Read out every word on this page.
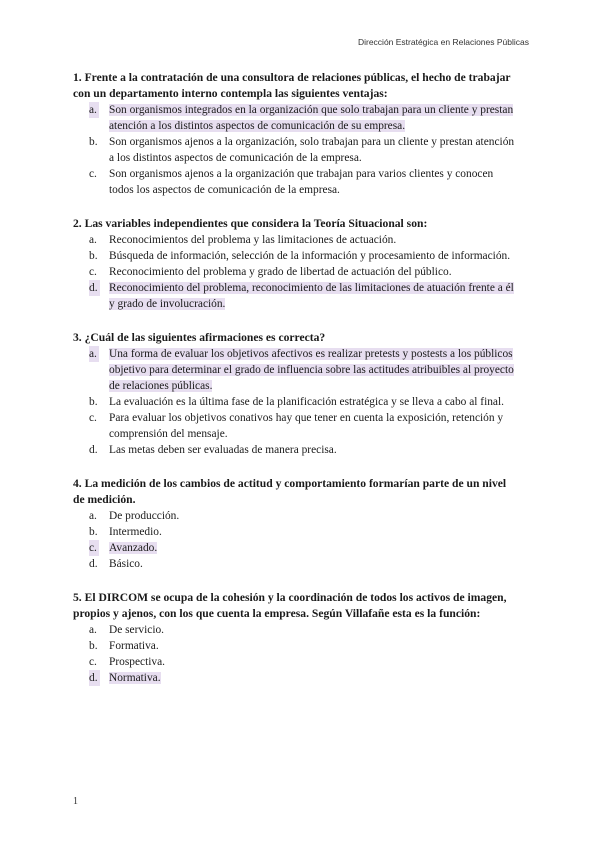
Dirección Estratégica en Relaciones Públicas

1. Frente a la contratación de una consultora de relaciones públicas, el hecho de trabajar con un departamento interno contempla las siguientes ventajas:

a. Son organismos integrados en la organización que solo trabajan para un cliente y prestan atención a los distintos aspectos de comunicación de su empresa.
b. Son organismos ajenos a la organización, solo trabajan para un cliente y prestan atención a los distintos aspectos de comunicación de la empresa.
c. Son organismos ajenos a la organización que trabajan para varios clientes y conocen todos los aspectos de comunicación de la empresa.

2. Las variables independientes que considera la Teoría Situacional son:

a. Reconocimientos del problema y las limitaciones de actuación.
b. Búsqueda de información, selección de la información y procesamiento de información.
c. Reconocimiento del problema y grado de libertad de actuación del público.
d. Reconocimiento del problema, reconocimiento de las limitaciones de atuación frente a él y grado de involucración.

3. ¿Cuál de las siguientes afirmaciones es correcta?

a. Una forma de evaluar los objetivos afectivos es realizar pretests y postests a los públicos objetivo para determinar el grado de influencia sobre las actitudes atribuibles al proyecto de relaciones públicas.
b. La evaluación es la última fase de la planificación estratégica y se lleva a cabo al final.
c. Para evaluar los objetivos conativos hay que tener en cuenta la exposición, retención y comprensión del mensaje.
d. Las metas deben ser evaluadas de manera precisa.

4. La medición de los cambios de actitud y comportamiento formarían parte de un nivel de medición.

a. De producción.
b. Intermedio.
c. Avanzado.
d. Básico.

5. El DIRCOM se ocupa de la cohesión y la coordinación de todos los activos de imagen, propios y ajenos, con los que cuenta la empresa. Según Villafañe esta es la función:

a. De servicio.
b. Formativa.
c. Prospectiva.
d. Normativa.
1
